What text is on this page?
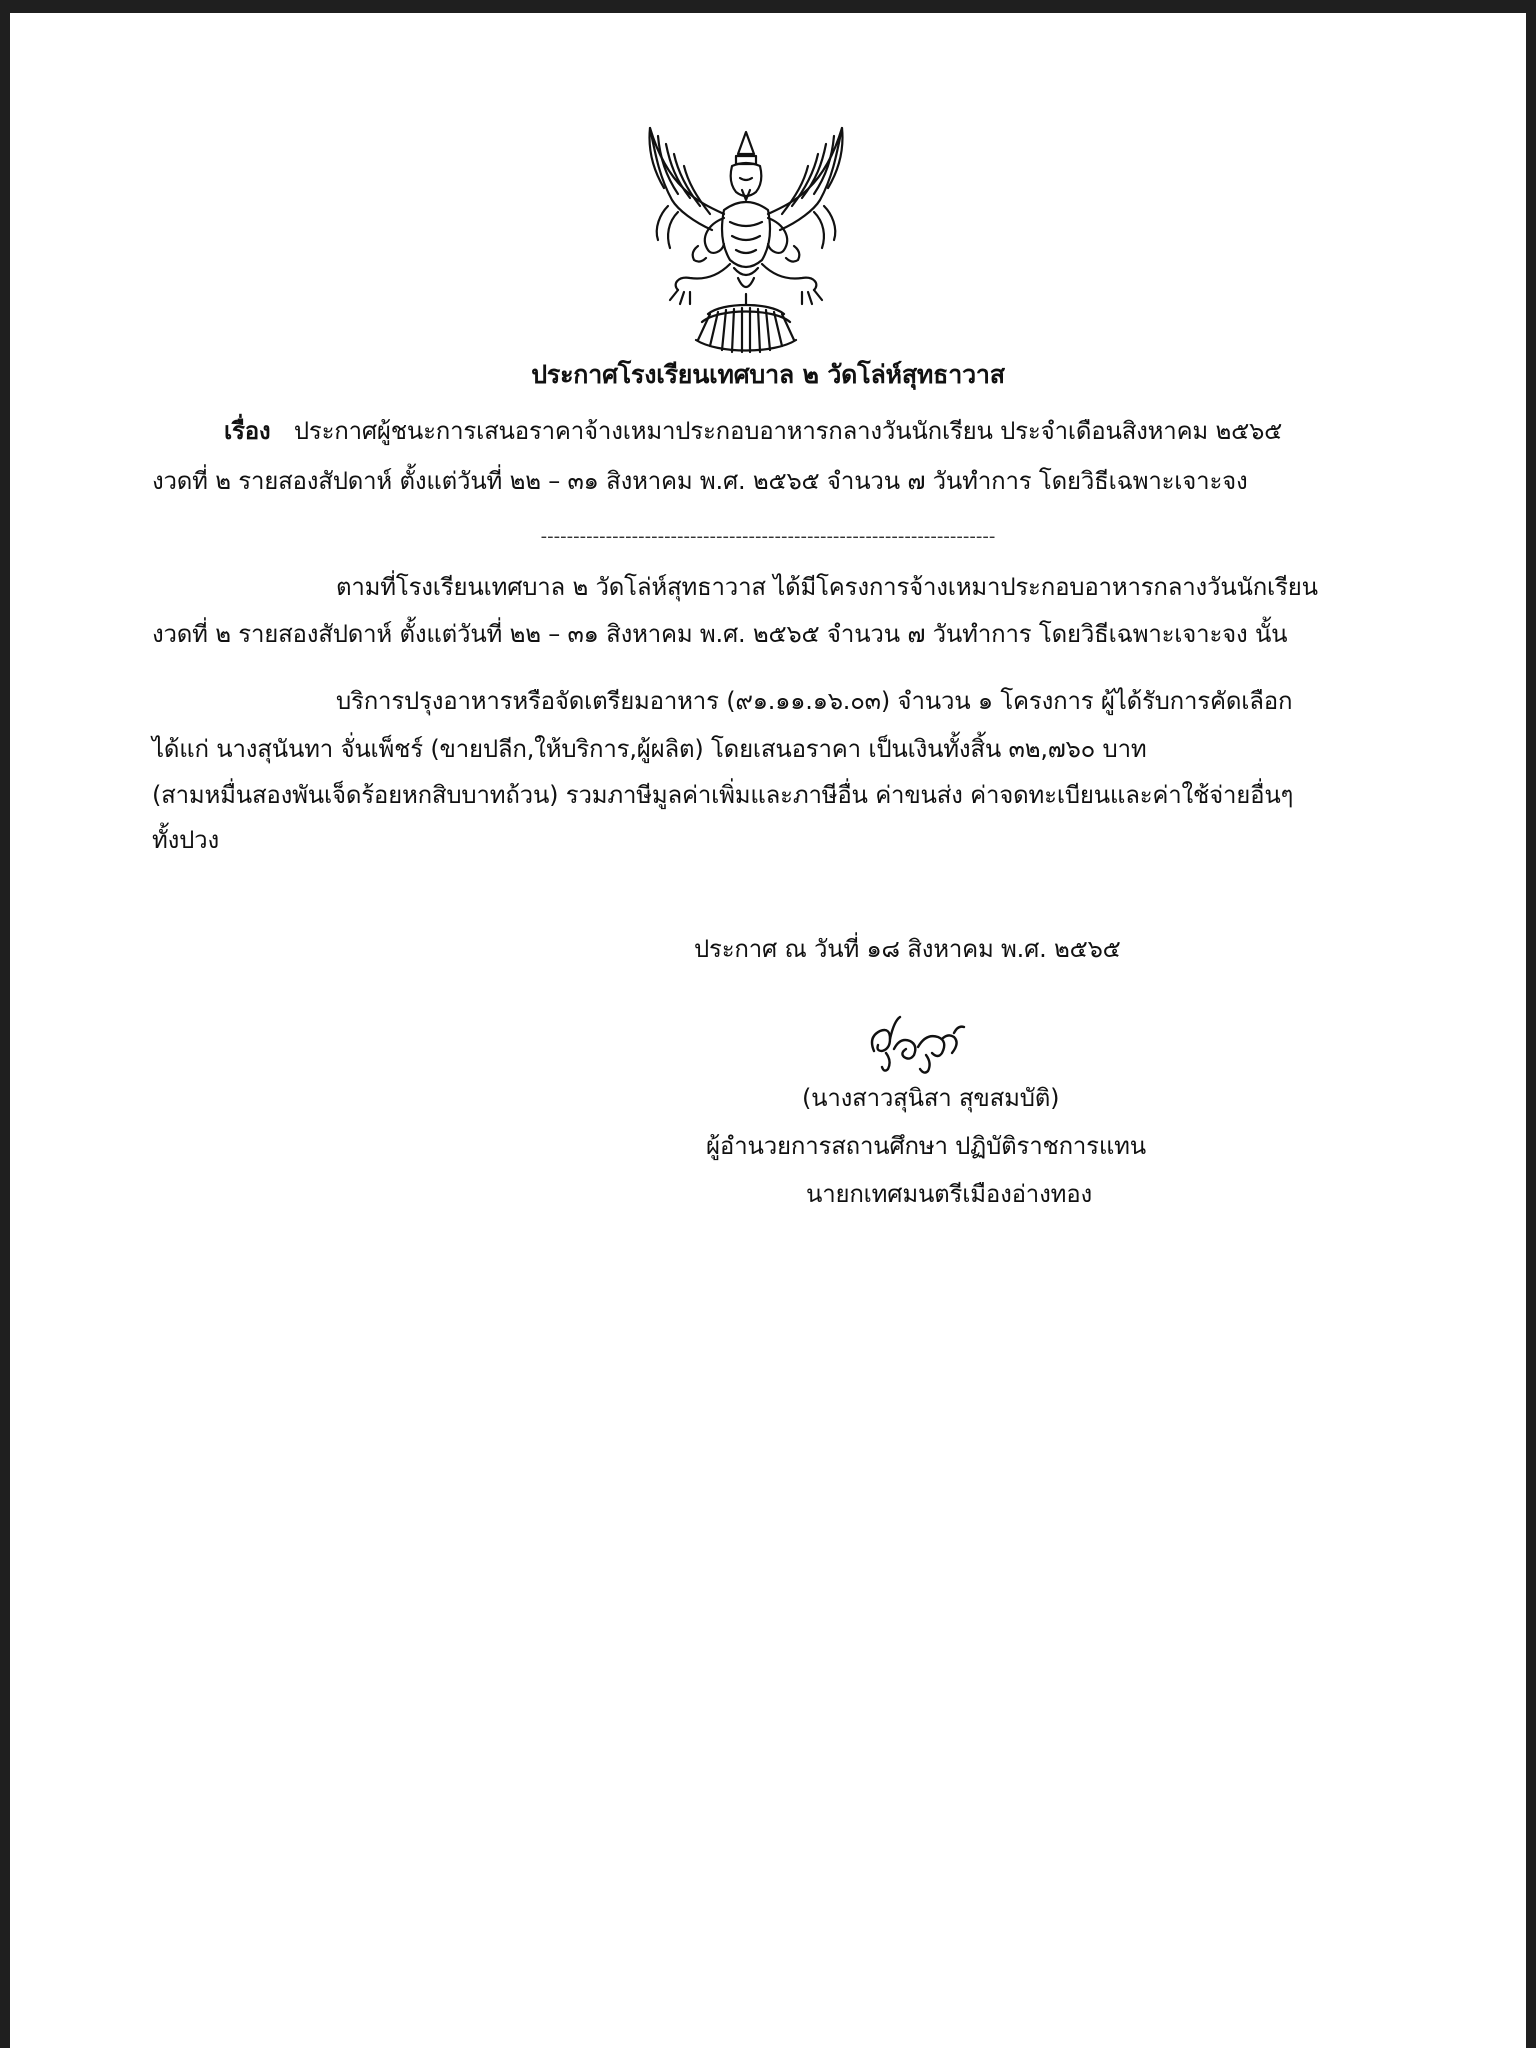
ประกาศโรงเรียนเทศบาล ๒ วัดโล่ห์สุทธาวาส
เรื่อง ประกาศผู้ชนะการเสนอราคาจ้างเหมาประกอบอาหารกลางวันนักเรียน ประจำเดือนสิงหาคม ๒๕๖๕
งวดที่ ๒ รายสองสัปดาห์ ตั้งแต่วันที่ ๒๒ – ๓๑ สิงหาคม พ.ศ. ๒๕๖๕ จำนวน ๗ วันทำการ โดยวิธีเฉพาะเจาะจง
----------------------------------------------------------------------
ตามที่โรงเรียนเทศบาล ๒ วัดโล่ห์สุทธาวาส ได้มีโครงการจ้างเหมาประกอบอาหารกลางวันนักเรียน
งวดที่ ๒ รายสองสัปดาห์ ตั้งแต่วันที่ ๒๒ – ๓๑ สิงหาคม พ.ศ. ๒๕๖๕ จำนวน ๗ วันทำการ โดยวิธีเฉพาะเจาะจง นั้น
บริการปรุงอาหารหรือจัดเตรียมอาหาร (๙๑.๑๑.๑๖.๐๓) จำนวน ๑ โครงการ ผู้ได้รับการคัดเลือก
ได้แก่ นางสุนันทา จั่นเพ็ชร์ (ขายปลีก,ให้บริการ,ผู้ผลิต) โดยเสนอราคา เป็นเงินทั้งสิ้น ๓๒,๗๖๐ บาท
(สามหมื่นสองพันเจ็ดร้อยหกสิบบาทถ้วน) รวมภาษีมูลค่าเพิ่มและภาษีอื่น ค่าขนส่ง ค่าจดทะเบียนและค่าใช้จ่ายอื่นๆ
ทั้งปวง
ประกาศ ณ วันที่ ๑๘ สิงหาคม พ.ศ. ๒๕๖๕
(นางสาวสุนิสา สุขสมบัติ)
ผู้อำนวยการสถานศึกษา ปฏิบัติราชการแทน
นายกเทศมนตรีเมืองอ่างทอง
